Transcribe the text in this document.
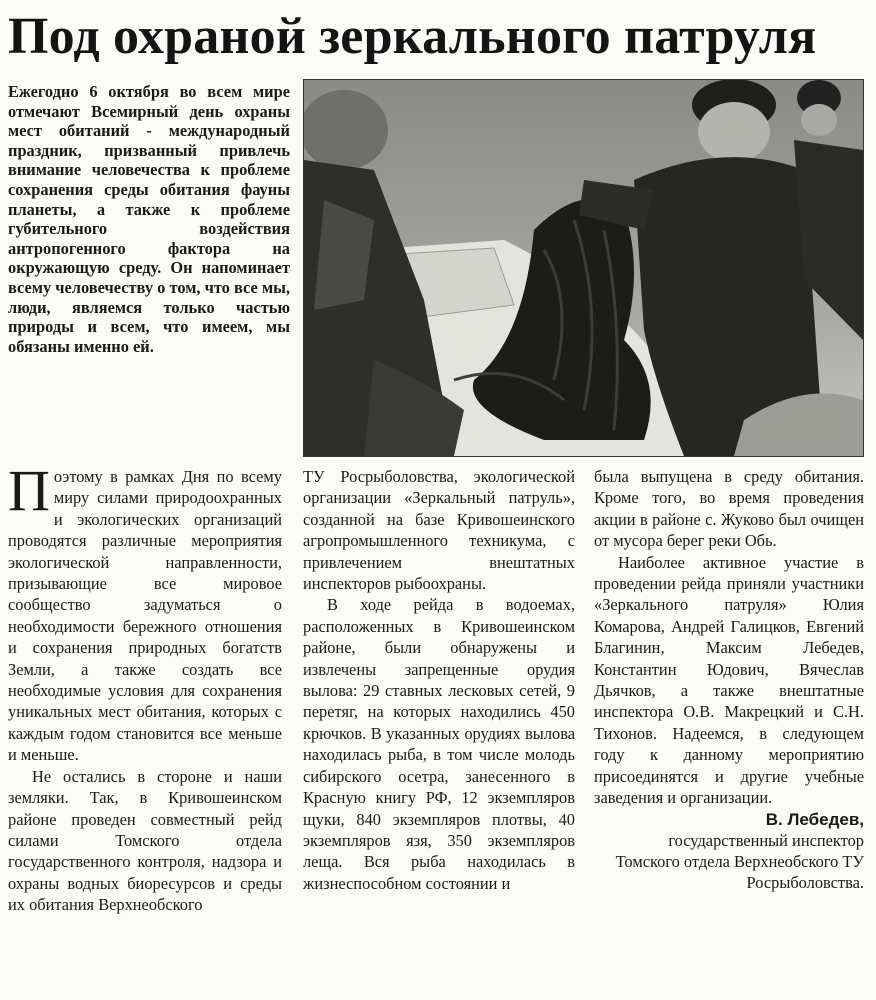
Под охраной зеркального патруля

Ежегодно 6 октября во всем мире отмечают Всемирный день охраны мест обитаний - международный праздник, призванный привлечь внимание человечества к проблеме сохранения среды обитания фауны планеты, а также к проблеме губительного воздействия антропогенного фактора на окружающую среду. Он напоминает всему человечеству о том, что все мы, люди, являемся только частью природы и всем, что имеем, мы обязаны именно ей.

Поэтому в рамках Дня по всему миру силами природоохранных и экологических организаций проводятся различные мероприятия экологической направленности, призывающие все мировое сообщество задуматься о необходимости бережного отношения и сохранения природных богатств Земли, а также создать все необходимые условия для сохранения уникальных мест обитания, которых с каждым годом становится все меньше и меньше.

Не остались в стороне и наши земляки. Так, в Кривошеинском районе проведен совместный рейд силами Томского отдела государственного контроля, надзора и охраны водных биоресурсов и среды их обитания Верхнеобского

ТУ Росрыболовства, экологической организации «Зеркальный патруль», созданной на базе Кривошеинского агропромышленного техникума, с привлечением внештатных инспекторов рыбоохраны.

В ходе рейда в водоемах, расположенных в Кривошеинском районе, были обнаружены и извлечены запрещенные орудия вылова: 29 ставных лесковых сетей, 9 перетяг, на которых находились 450 крючков. В указанных орудиях вылова находилась рыба, в том числе молодь сибирского осетра, занесенного в Красную книгу РФ, 12 экземпляров щуки, 840 экземпляров плотвы, 40 экземпляров язя, 350 экземпляров леща. Вся рыба находилась в жизнеспособном состоянии и

была выпущена в среду обитания. Кроме того, во время проведения акции в районе с. Жуково был очищен от мусора берег реки Обь.

Наиболее активное участие в проведении рейда приняли участники «Зеркального патруля» Юлия Комарова, Андрей Галицков, Евгений Благинин, Максим Лебедев, Константин Юдович, Вячеслав Дьячков, а также внештатные инспектора О.В. Макрецкий и С.Н. Тихонов. Надеемся, в следующем году к данному мероприятию присоединятся и другие учебные заведения и организации.

В. Лебедев,

государственный инспектор Томского отдела Верхнеобского ТУ Росрыболовства.
